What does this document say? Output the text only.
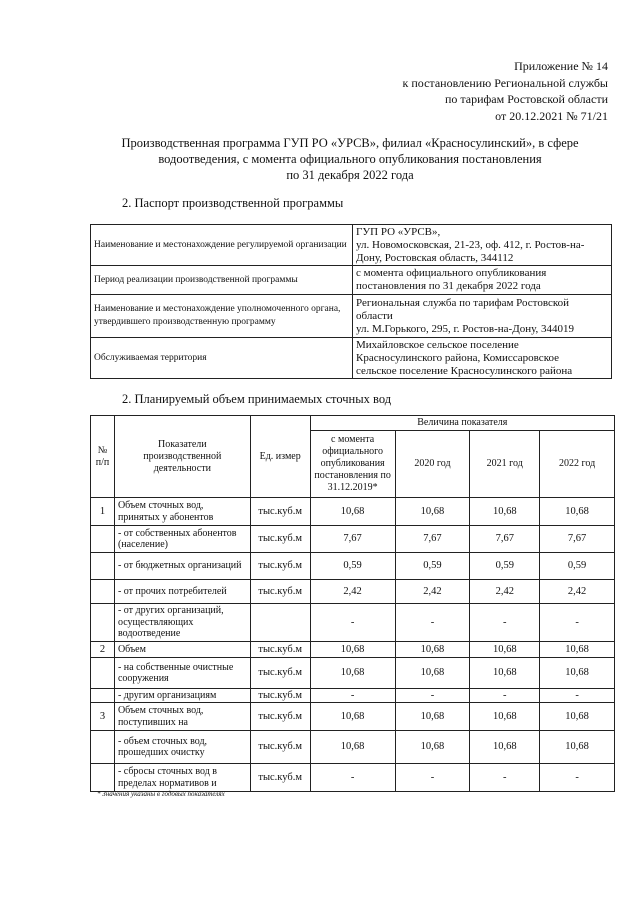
Приложение № 14
к постановлению Региональной службы
по тарифам Ростовской области
от 20.12.2021 № 71/21
Производственная программа ГУП РО «УРСВ», филиал «Красносулинский», в сфере
водоотведения, с момента официального опубликования постановления
по 31 декабря 2022 года
2. Паспорт производственной программы
Наименование и местонахождение регулируемой организации	ГУП РО «УРСВ»,
ул. Новомосковская, 21-23, оф. 412, г. Ростов-на-
Дону, Ростовская область, 344112

Период реализации производственной программы	с момента официального опубликования
постановления по 31 декабря 2022 года

Наименование и местонахождение уполномоченного органа, утвердившего производственную программу	Региональная служба по тарифам Ростовской
области
ул. М.Горького, 295, г. Ростов-на-Дону, 344019

Обслуживаемая территория	Михайловское сельское поселение
Красносулинского района, Комиссаровское
сельское поселение Красносулинского района
2. Планируемый объем принимаемых сточных вод
№ п/п	Показатели производственной деятельности	Ед. измер	Величина показателя			
			с момента официального опубликования постановления по 31.12.2019*	2020 год	2021 год	2022 год
1	Объем сточных вод, принятых у абонентов	тыс.куб.м	10,68	10,68	10,68	10,68
	- от собственных абонентов (население)	тыс.куб.м	7,67	7,67	7,67	7,67
	- от бюджетных организаций	тыс.куб.м	0,59	0,59	0,59	0,59
	- от прочих потребителей	тыс.куб.м	2,42	2,42	2,42	2,42
	- от других организаций, осуществляющих водоотведение		-	-	-	-
2	Объем	тыс.куб.м	10,68	10,68	10,68	10,68
	- на собственные очистные сооружения	тыс.куб.м	10,68	10,68	10,68	10,68
	- другим организациям	тыс.куб.м	-	-	-	-
3	Объем сточных вод, поступивших на	тыс.куб.м	10,68	10,68	10,68	10,68
	- объем сточных вод, прошедших очистку	тыс.куб.м	10,68	10,68	10,68	10,68
	- сбросы сточных вод в пределах нормативов и	тыс.куб.м	-	-	-	-
* Значения указаны в годовых показателях
